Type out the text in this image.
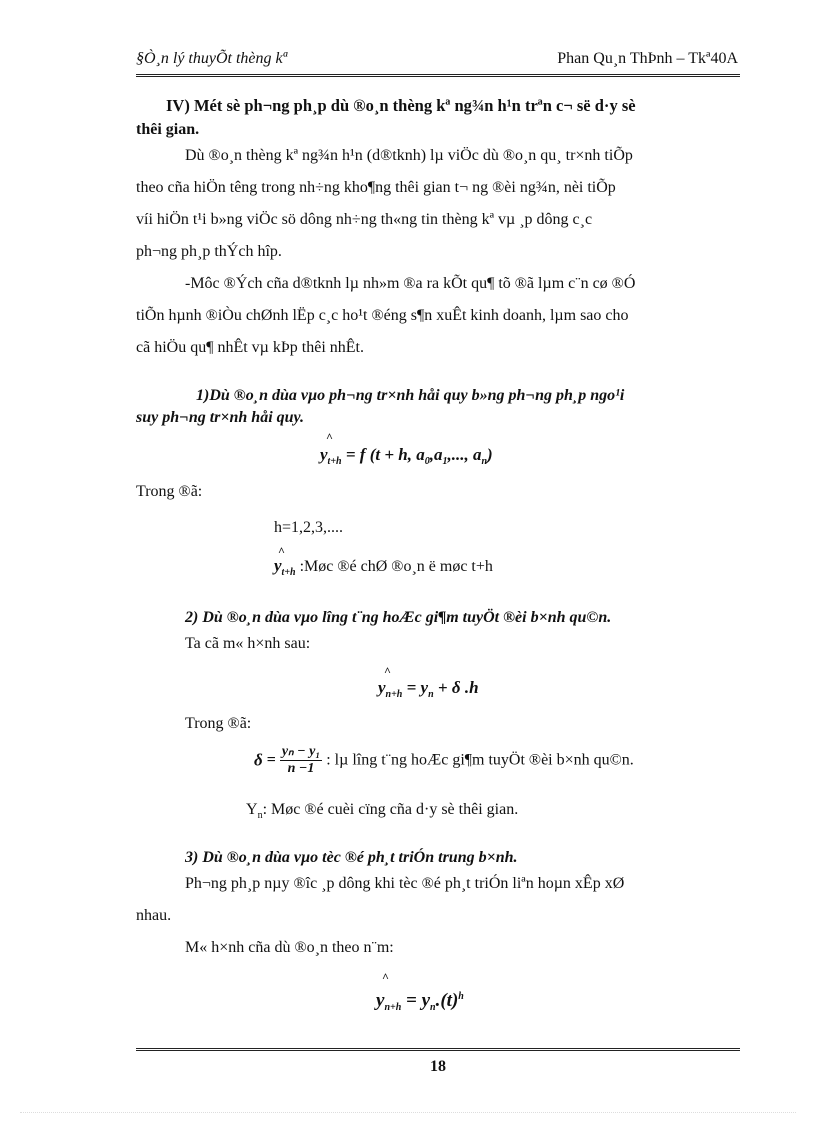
§Ò¸n lý thuyÕt thèng kª	Phan Qu¸n ThÞnh – Tkª40A
IV) Mét sè ph¬ng ph¸p dù ®o¸n thèng kª ng¾n h¹n trªn c¬ së d·y sè
thêi gian.
Dù ®o¸n thèng kª ng¾n h¹n (d®tknh) lµ viÖc dù ®o¸n qu¸ tr×nh tiÕp
theo cña hiÖn têng trong nh÷ng kho¶ng thêi gian t¬ ng ®èi ng¾n, nèi tiÕp
víi hiÖn t¹i b»ng viÖc sö dông nh÷ng th«ng tin thèng kª vµ ¸p dông c¸c
ph¬ng ph¸p thÝch hîp.
-Môc ®Ých cña d®tknh lµ nh»m ®a ra kÕt qu¶ tõ ®ã lµm c¨n cø ®Ó
tiÕn hµnh ®iÒu chØnh lËp c¸c ho¹t ®éng s¶n xuÊt kinh doanh, lµm sao cho
cã hiÖu qu¶ nhÊt vµ kÞp thêi nhÊt.
1)Dù ®o¸n dùa vµo ph¬ng tr×nh håi quy b»ng ph¬ng ph¸p ngo¹i
suy ph¬ng tr×nh håi quy.
^
$y_{t+h} = f$ (t + h, $a_0,a_1$,..., $a_n$)
Trong ®ã:
h=1,2,3,....
^
$y_{t+h}$ :Møc ®é chØ ®o¸n ë møc t+h
2) Dù ®o¸n dùa vµo lîng t¨ng hoÆc gi¶m tuyÖt ®èi b×nh qu©n.
Ta cã m« h×nh sau:
^
$y_{n+h} = y_n + \delta$ .h
Trong ®ã:
$\delta = \frac{\text{yₙ − y₁}}{n -1}$ : lµ lîng t¨ng hoÆc gi¶m tuyÖt ®èi b×nh qu©n.
$Y_n$: Møc ®é cuèi cïng cña d·y sè thêi gian.
3) Dù ®o¸n dùa vµo tèc ®é ph¸t triÓn trung b×nh.
Ph¬ng ph¸p nµy ®îc ¸p dông khi tèc ®é ph¸t triÓn liªn hoµn xÊp xØ
nhau.
M« h×nh cña dù ®o¸n theo n¨m:
^
$y_{n+h} = y_n.(t)^h$
18
